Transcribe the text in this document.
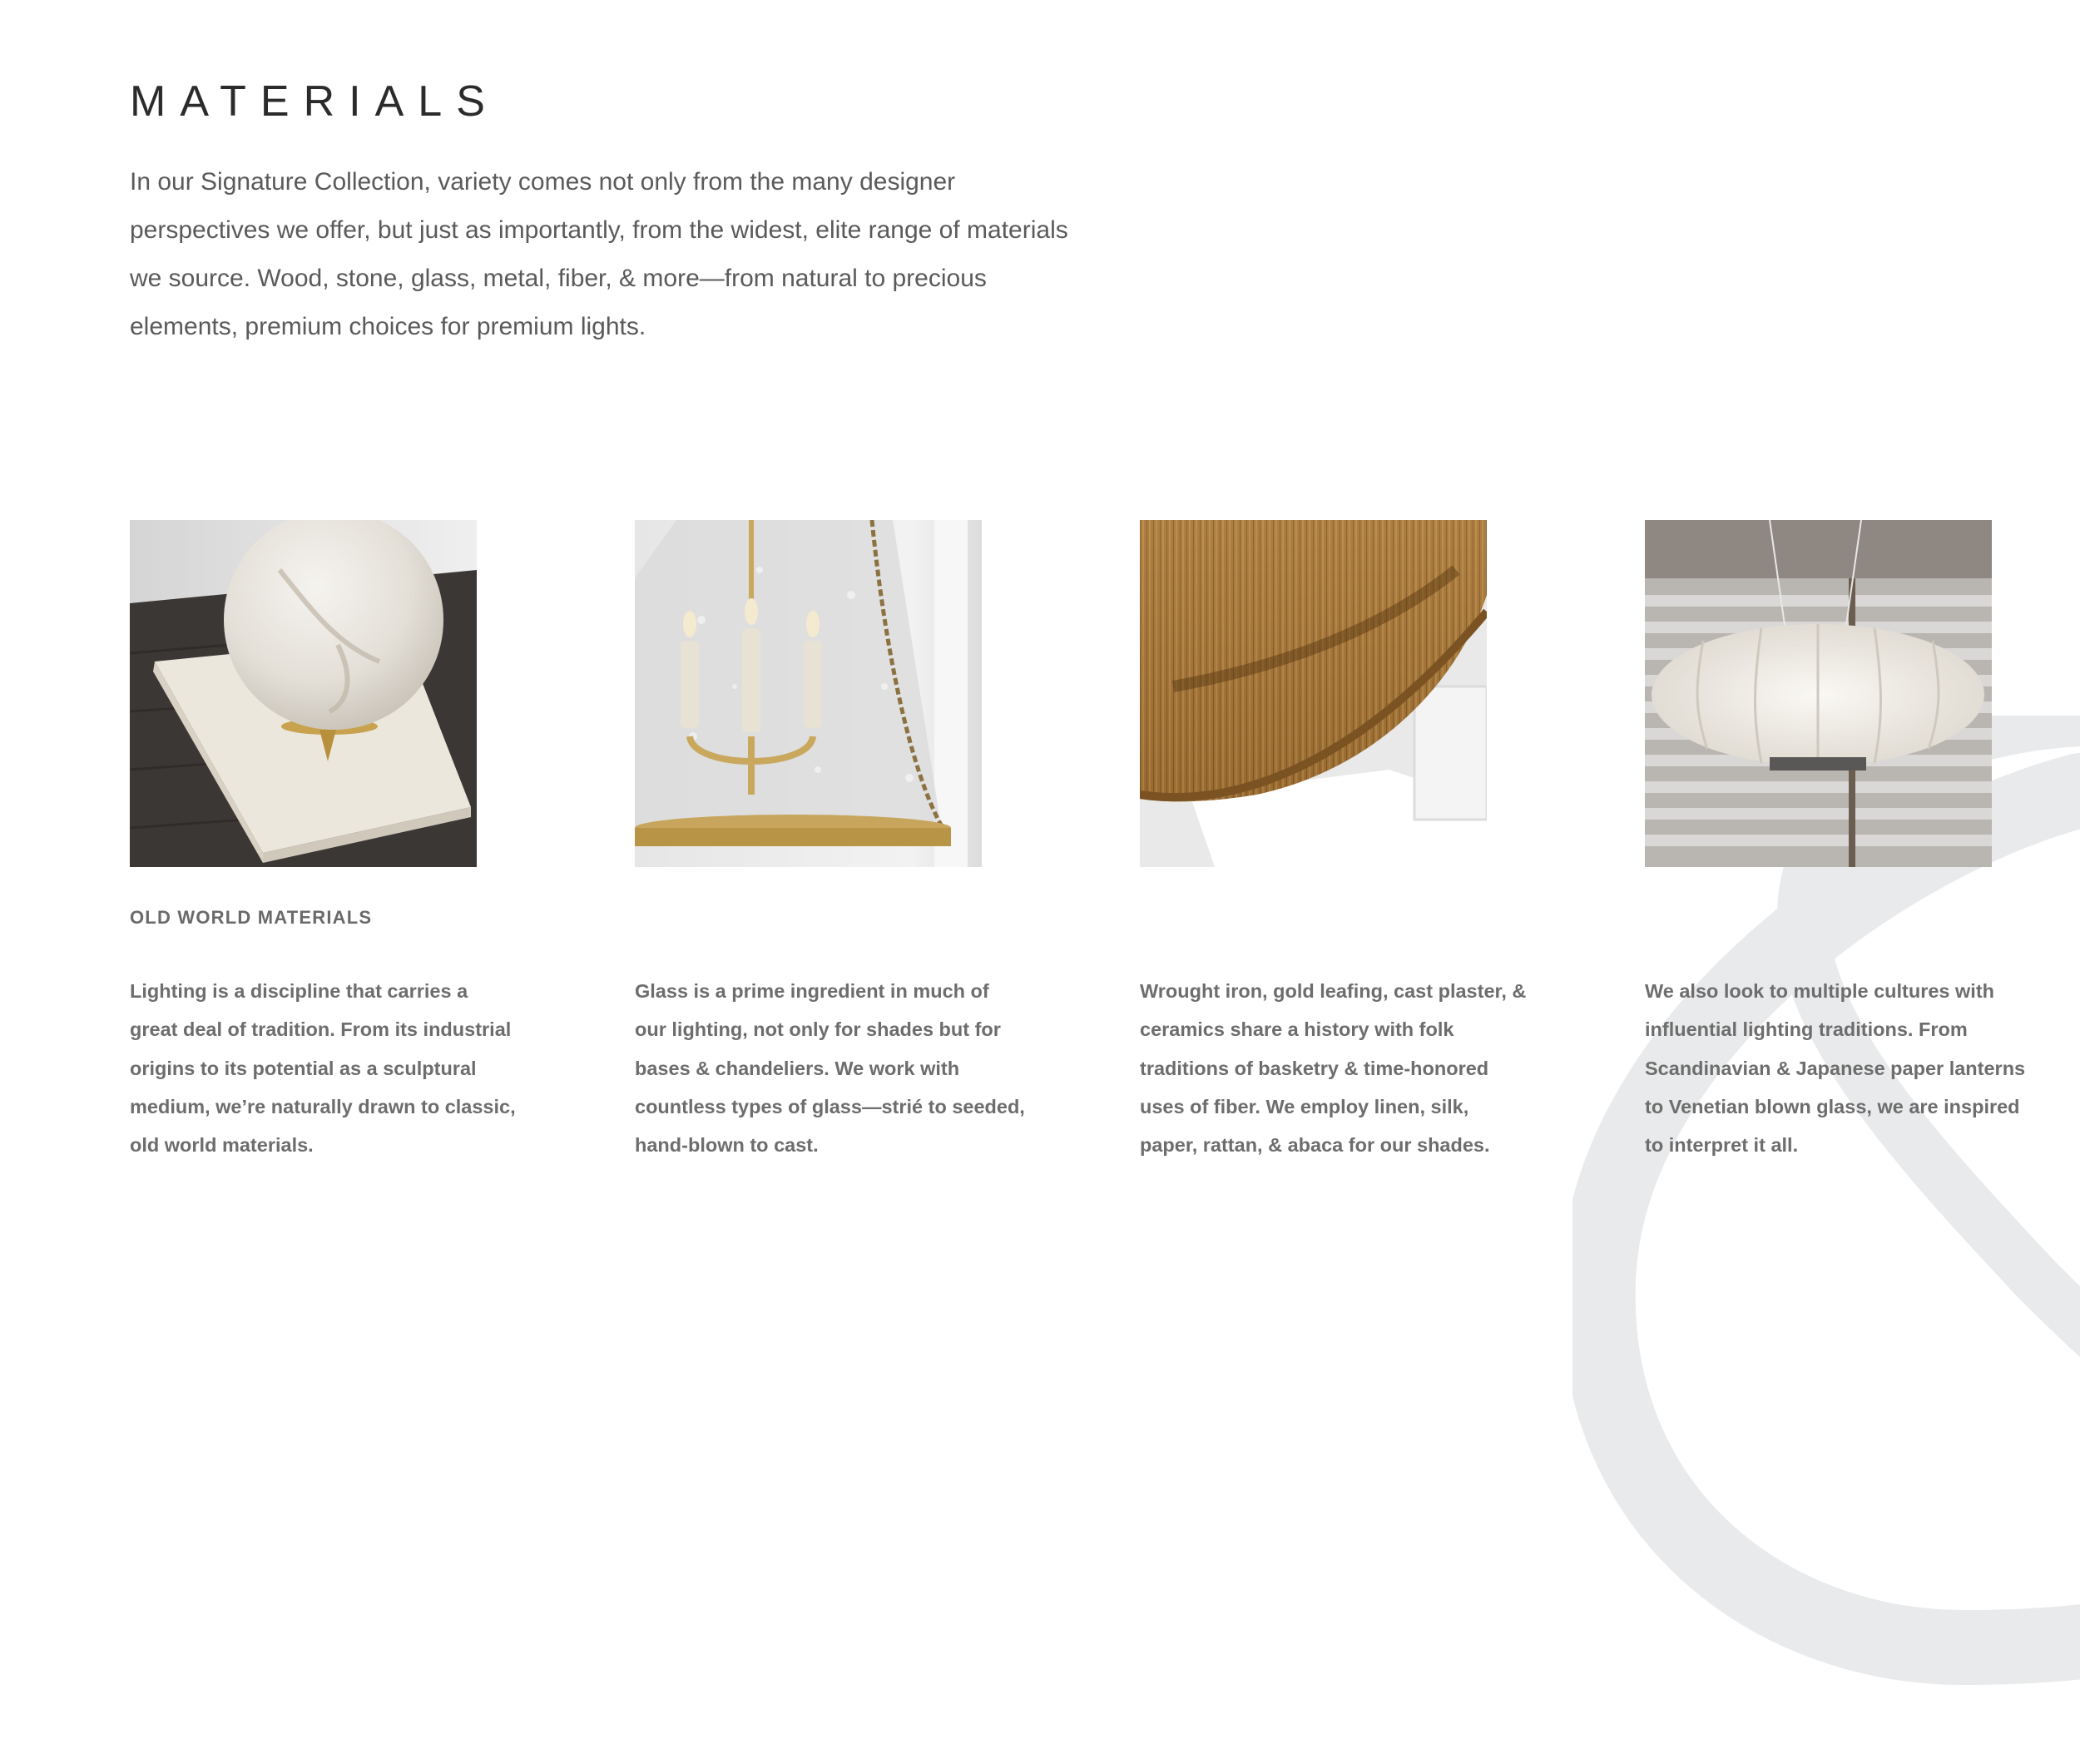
MATERIALS

In our Signature Collection, variety comes not only from the many designer perspectives we offer, but just as importantly, from the widest, elite range of materials we source. Wood, stone, glass, metal, fiber, & more—from natural to precious elements, premium choices for premium lights.

OLD WORLD MATERIALS

Lighting is a discipline that carries a great deal of tradition. From its industrial origins to its potential as a sculptural medium, we’re naturally drawn to classic, old world materials.

Glass is a prime ingredient in much of our lighting, not only for shades but for bases & chandeliers. We work with countless types of glass—strié to seeded, hand-blown to cast.

Wrought iron, gold leafing, cast plaster, & ceramics share a history with folk traditions of basketry & time-honored uses of fiber. We employ linen, silk, paper, rattan, & abaca for our shades.

We also look to multiple cultures with influential lighting traditions. From Scandinavian & Japanese paper lanterns to Venetian blown glass, we are inspired to interpret it all.
